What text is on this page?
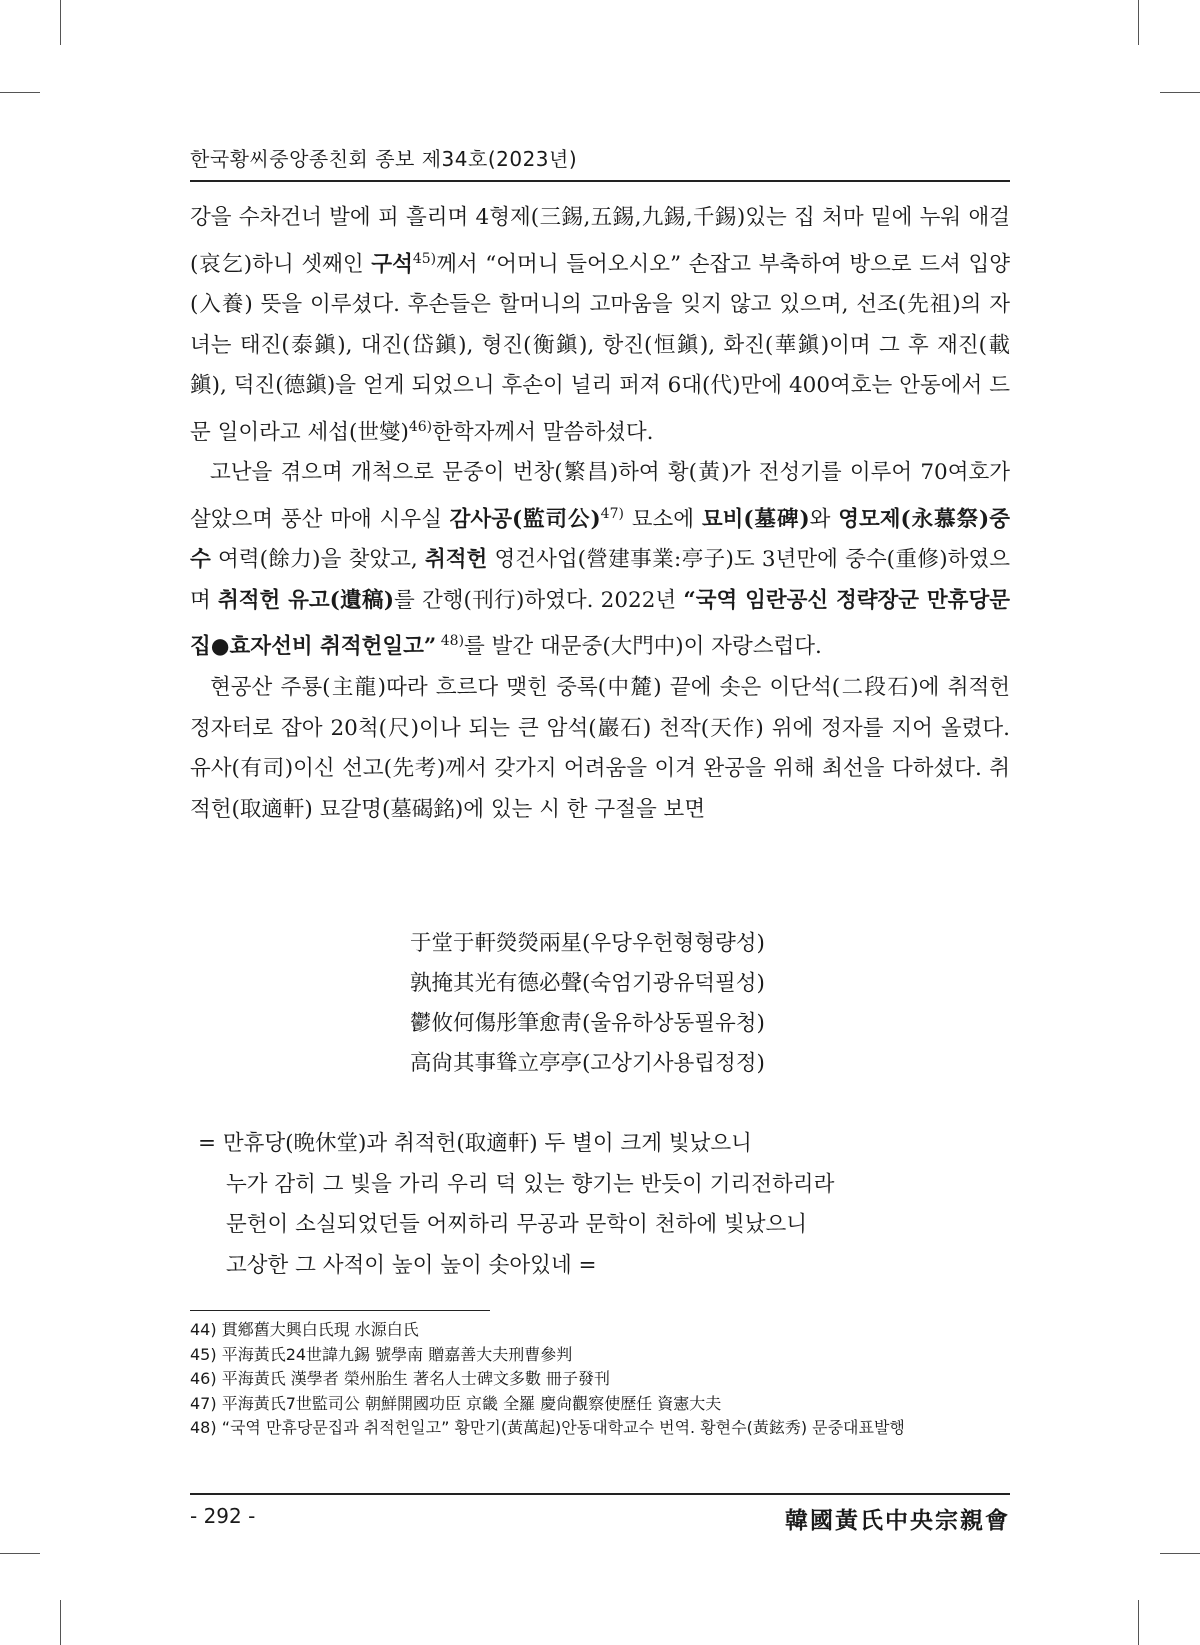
한국황씨중앙종친회 종보 제34호(2023년)

강을 수차건너 발에 피 흘리며 4형제(三錫,五錫,九錫,千錫)있는 집 처마 밑에 누워 애걸(哀乞)하니 셋째인 구석$^{45)}$께서 “어머니 들어오시오” 손잡고 부축하여 방으로 드셔 입양(入養) 뜻을 이루셨다. 후손들은 할머니의 고마움을 잊지 않고 있으며, 선조(先祖)의 자녀는 태진(泰鎭), 대진(岱鎭), 형진(衡鎭), 항진(恒鎭), 화진(華鎭)이며 그 후 재진(載鎭), 덕진(德鎭)을 얻게 되었으니 후손이 널리 퍼져 6대(代)만에 400여호는 안동에서 드문 일이라고 세섭(世燮)$^{46)}$한학자께서 말씀하셨다.

고난을 겪으며 개척으로 문중이 번창(繁昌)하여 황(黃)가 전성기를 이루어 70여호가 살았으며 풍산 마애 시우실 감사공(監司公)$^{47)}$ 묘소에 묘비(墓碑)와 영모제(永慕祭)중수 여력(餘力)을 찾았고, 취적헌 영건사업(營建事業:亭子)도 3년만에 중수(重修)하였으며 취적헌 유고(遺稿)를 간행(刊行)하였다. 2022년 “국역 임란공신 정략장군 만휴당문집●효자선비 취적헌일고” $^{48)}$를 발간 대문중(大門中)이 자랑스럽다.

현공산 주룡(主龍)따라 흐르다 맺힌 중록(中麓) 끝에 솟은 이단석(二段石)에 취적헌 정자터로 잡아 20척(尺)이나 되는 큰 암석(巖石) 천작(天作) 위에 정자를 지어 올렸다. 유사(有司)이신 선고(先考)께서 갖가지 어려움을 이겨 완공을 위해 최선을 다하셨다. 취적헌(取適軒) 묘갈명(墓碣銘)에 있는 시 한 구절을 보면

于堂于軒熒熒兩星(우당우헌형형량성)
孰掩其光有德必聲(숙엄기광유덕필성)
鬱攸何傷彤筆愈靑(울유하상동필유청)
高尙其事聳立亭亭(고상기사용립정정)
= 만휴당(晩休堂)과 취적헌(取適軒) 두 별이 크게 빛났으니
누가 감히 그 빛을 가리 우리 덕 있는 향기는 반듯이 기리전하리라
문헌이 소실되었던들 어찌하리 무공과 문학이 천하에 빛났으니
고상한 그 사적이 높이 높이 솟아있네 =
44) 貫鄕舊大興白氏現 水源白氏
45) 平海黃氏24世諱九錫 號學南 贈嘉善大夫刑曹參判
46) 平海黃氏 漢學者 榮州胎生 著名人士碑文多數 冊子發刊
47) 平海黃氏7世監司公 朝鮮開國功臣 京畿 全羅 慶尙觀察使歷任 資憲大夫
48) “국역 만휴당문집과 취적헌일고” 황만기(黃萬起)안동대학교수 번역. 황현수(黃鉉秀) 문중대표발행
- 292 -	韓國黃氏中央宗親會
